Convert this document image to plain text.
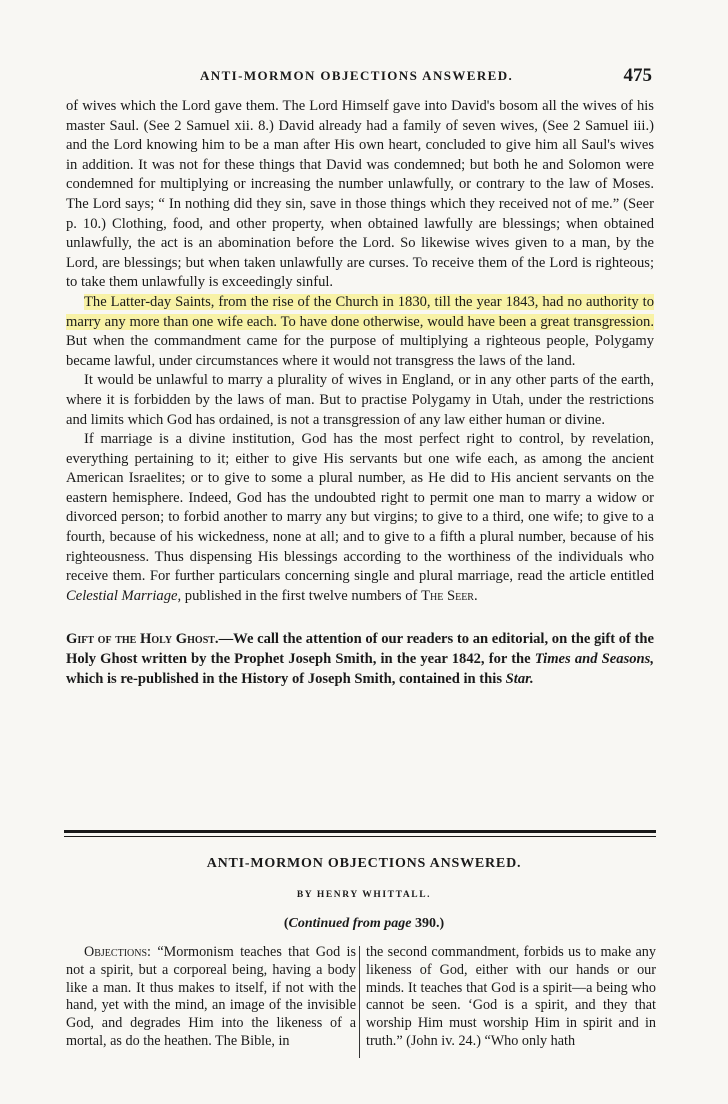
ANTI-MORMON OBJECTIONS ANSWERED.	475

of wives which the Lord gave them. The Lord Himself gave into David's bosom all the wives of his master Saul. (See 2 Samuel xii. 8.) David already had a family of seven wives, (See 2 Samuel iii.) and the Lord knowing him to be a man after His own heart, concluded to give him all Saul's wives in addition. It was not for these things that David was condemned; but both he and Solomon were condemned for multiplying or increasing the number unlawfully, or contrary to the law of Moses. The Lord says; “ In nothing did they sin, save in those things which they received not of me.” (Seer p. 10.) Clothing, food, and other property, when obtained lawfully are blessings; when obtained unlawfully, the act is an abomination before the Lord. So likewise wives given to a man, by the Lord, are blessings; but when taken unlawfully are curses. To receive them of the Lord is righteous; to take them unlawfully is exceedingly sinful.

The Latter-day Saints, from the rise of the Church in 1830, till the year 1843, had no authority to marry any more than one wife each. To have done otherwise, would have been a great transgression. But when the commandment came for the purpose of multiplying a righteous people, Polygamy became lawful, under circumstances where it would not transgress the laws of the land.

It would be unlawful to marry a plurality of wives in England, or in any other parts of the earth, where it is forbidden by the laws of man. But to practise Polygamy in Utah, under the restrictions and limits which God has ordained, is not a transgression of any law either human or divine.

If marriage is a divine institution, God has the most perfect right to control, by revelation, everything pertaining to it; either to give His servants but one wife each, as among the ancient American Israelites; or to give to some a plural number, as He did to His ancient servants on the eastern hemisphere. Indeed, God has the undoubted right to permit one man to marry a widow or divorced person; to forbid another to marry any but virgins; to give to a third, one wife; to give to a fourth, because of his wickedness, none at all; and to give to a fifth a plural number, because of his righteousness. Thus dispensing His blessings according to the worthiness of the individuals who receive them. For further particulars concerning single and plural marriage, read the article entitled Celestial Marriage, published in the first twelve numbers of The Seer.

Gift of the Holy Ghost.—We call the attention of our readers to an editorial, on the gift of the Holy Ghost written by the Prophet Joseph Smith, in the year 1842, for the Times and Seasons, which is re-published in the History of Joseph Smith, contained in this Star.

ANTI-MORMON OBJECTIONS ANSWERED.
BY HENRY WHITTALL.
(Continued from page 390.)

Objections: “Mormonism teaches that God is not a spirit, but a corporeal being, having a body like a man. It thus makes to itself, if not with the hand, yet with the mind, an image of the invisible God, and degrades Him into the likeness of a mortal, as do the heathen. The Bible, in

the second commandment, forbids us to make any likeness of God, either with our hands or our minds. It teaches that God is a spirit—a being who cannot be seen. ‘God is a spirit, and they that worship Him must worship Him in spirit and in truth.” (John iv. 24.) “Who only hath
